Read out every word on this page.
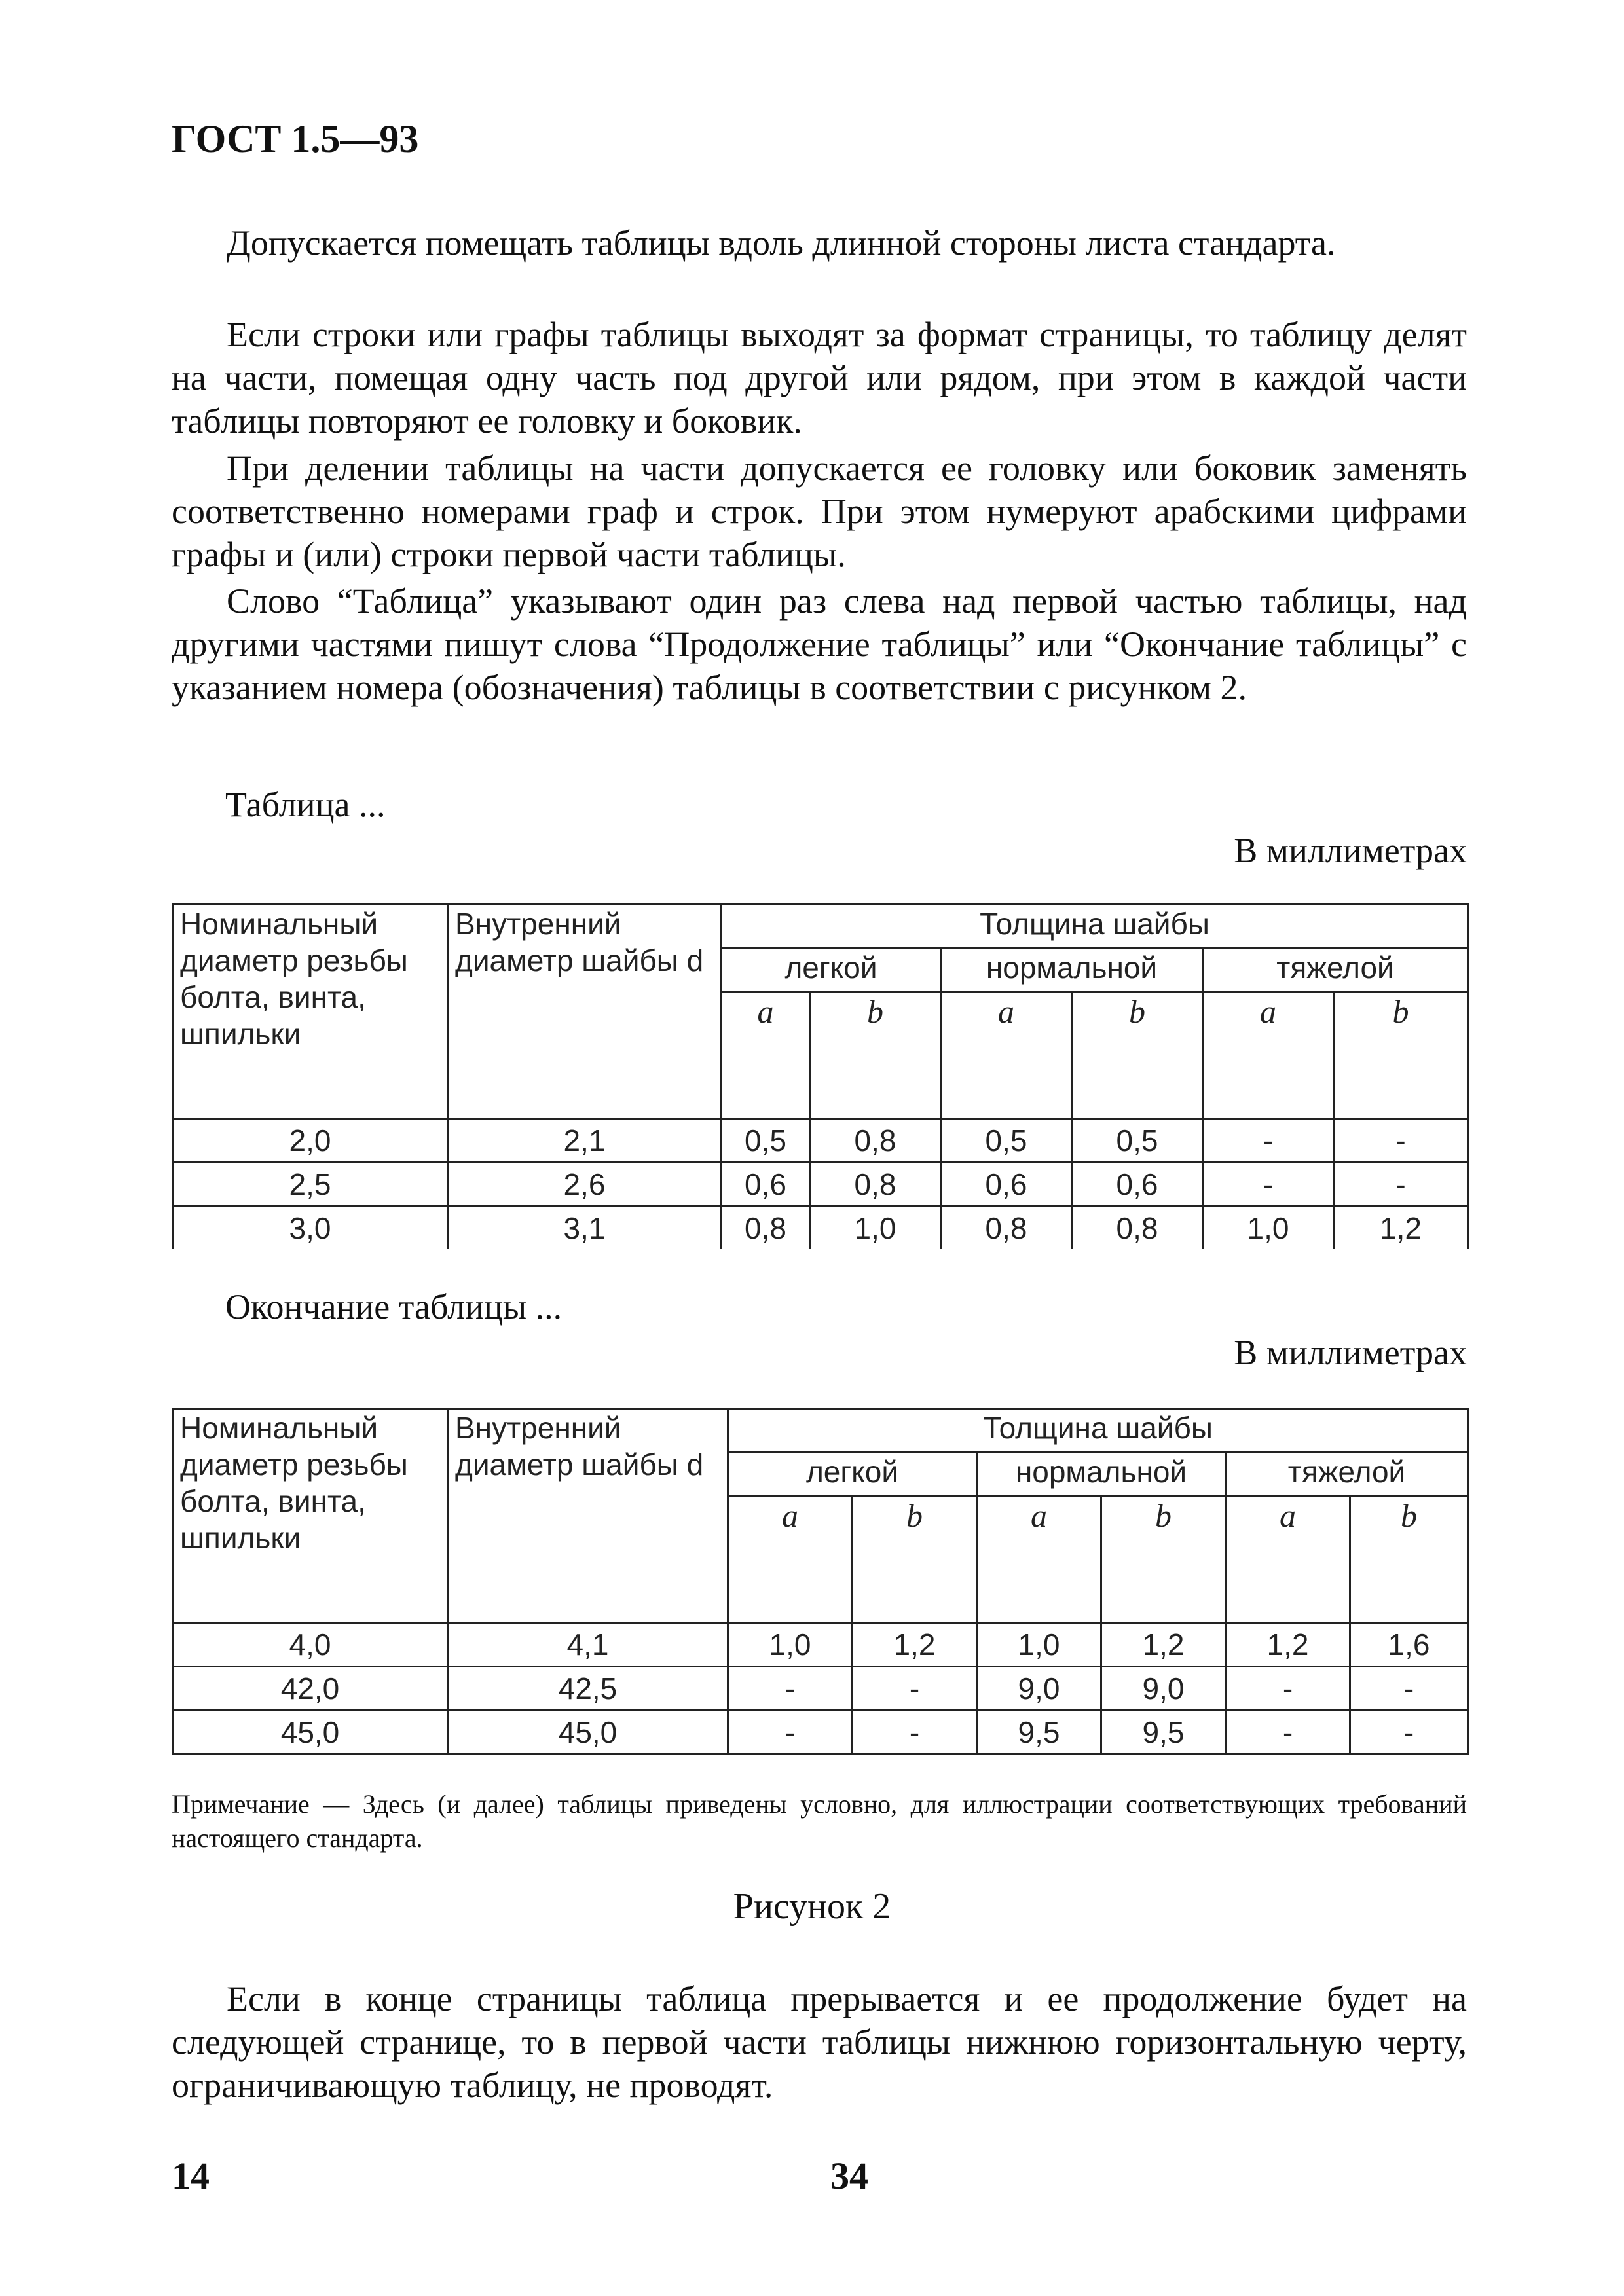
ГОСТ 1.5—93

Допускается помещать таблицы вдоль длинной стороны листа стандарта.

Если строки или графы таблицы выходят за формат страницы, то таблицу делят на части, помещая одну часть под другой или рядом, при этом в каждой части таблицы повторяют ее головку и боковик.

При делении таблицы на части допускается ее головку или боковик заменять соответственно номерами граф и строк. При этом нумеруют арабскими цифрами графы и (или) строки первой части таблицы.

Слово “Таблица” указывают один раз слева над первой частью таблицы, над другими частями пишут слова “Продолжение таблицы” или “Окончание таблицы” с указанием номера (обозначения) таблицы в соответствии с рисунком 2.

Таблица ...
В миллиметрах
Номинальный диаметр резьбы болта, винта, шпильки	Внутренний диаметр шайбы d	Толщина шайбы					
		легкой		нормальной		тяжелой	
		a	b	a	b	a	b
2,0	2,1	0,5	0,8	0,5	0,5	-	-
2,5	2,6	0,6	0,8	0,6	0,6	-	-
3,0	3,1	0,8	1,0	0,8	0,8	1,0	1,2
Окончание таблицы ...
В миллиметрах
Номинальный диаметр резьбы болта, винта, шпильки	Внутренний диаметр шайбы d	Толщина шайбы					
		легкой		нормальной		тяжелой	
		a	b	a	b	a	b
4,0	4,1	1,0	1,2	1,0	1,2	1,2	1,6
42,0	42,5	-	-	9,0	9,0	-	-
45,0	45,0	-	-	9,5	9,5	-	-

Примечание — Здесь (и далее) таблицы приведены условно, для иллюстрации соответствующих требований настоящего стандарта.

Рисунок 2

Если в конце страницы таблица прерывается и ее продолжение будет на следующей странице, то в первой части таблицы нижнюю горизонтальную черту, ограничивающую таблицу, не проводят.

14	34
